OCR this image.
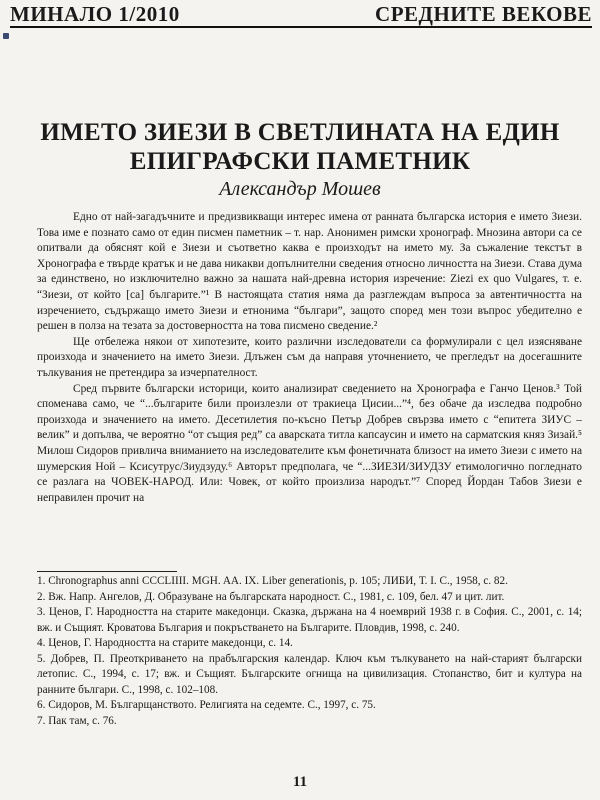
МИНАЛО 1/2010	СРЕДНИТЕ ВЕКОВЕ
ИМЕТО ЗИЕЗИ В СВЕТЛИНАТА НА ЕДИН
ЕПИГРАФСКИ ПАМЕТНИК
Александър Мошев

Едно от най-загадъчните и предизвикващи интерес имена от ранната българска история е името Зиези. Това име е познато само от един писмен паметник – т. нар. Анонимен римски хронограф. Мнозина автори са се опитвали да обяснят кой е Зиези и съответно каква е произходът на името му. За съжаление текстът в Хронографа е твърде кратък и не дава никакви допълнителни сведения относно личността на Зиези. Става дума за единствено, но изключително важно за нашата най-древна история изречение: Ziezi ex quo Vulgares, т. е. “Зиези, от който [са] българите.”¹ В настоящата статия няма да разглеждам въпроса за автентичността на изречението, съдържащо името Зиези и етнонима “българи”, защото според мен този въпрос убедително е решен в полза на тезата за достоверността на това писмено сведение.²

Ще отбележа някои от хипотезите, които различни изследователи са формулирали с цел изясняване произхода и значението на името Зиези. Длъжен съм да направя уточнението, че прегледът на досегашните тълкувания не претендира за изчерпателност.

Сред първите български историци, които анализират сведението на Хронографа е Ганчо Ценов.³ Той споменава само, че “...българите били произлезли от тракиеца Цисии...”⁴, без обаче да изследва подробно произхода и значението на името. Десетилетия по-късно Петър Добрев свързва името с “епитета ЗИУС – велик” и допълва, че вероятно “от същия ред” са аварската титла капсаусин и името на сарматския княз Зизай.⁵ Милош Сидоров привлича вниманието на изследователите към фонетичната близост на името Зиези с името на шумерския Ной – Ксисутрус/Зиудзуду.⁶ Авторът предполага, че “...ЗИЕЗИ/ЗИУДЗУ етимологично погледнато се разлага на ЧОВЕК-НАРОД. Или: Човек, от който произлиза народът.”⁷ Според Йордан Табов Зиези е неправилен прочит на

1. Chronographus anni CCCLIIII. MGH. AA. IX. Liber generationis, p. 105; ЛИБИ, Т. I. С., 1958, с. 82.
2. Вж. Напр. Ангелов, Д. Образуване на българската народност. С., 1981, с. 109, бел. 47 и цит. лит.
3. Ценов, Г. Народността на старите македонци. Сказка, държана на 4 ноемврий 1938 г. в София. С., 2001, с. 14; вж. и Същият. Кроватова България и покръстването на Българите. Пловдив, 1998, с. 240.
4. Ценов, Г. Народността на старите македонци, с. 14.
5. Добрев, П. Преоткриването на прабългарския календар. Ключ към тълкуването на най-старият български летопис. С., 1994, с. 17; вж. и Същият. Българските огнища на цивилизация. Стопанство, бит и култура на ранните българи. С., 1998, с. 102–108.
6. Сидоров, М. Българщанството. Религията на седемте. С., 1997, с. 75.
7. Пак там, с. 76.
11
